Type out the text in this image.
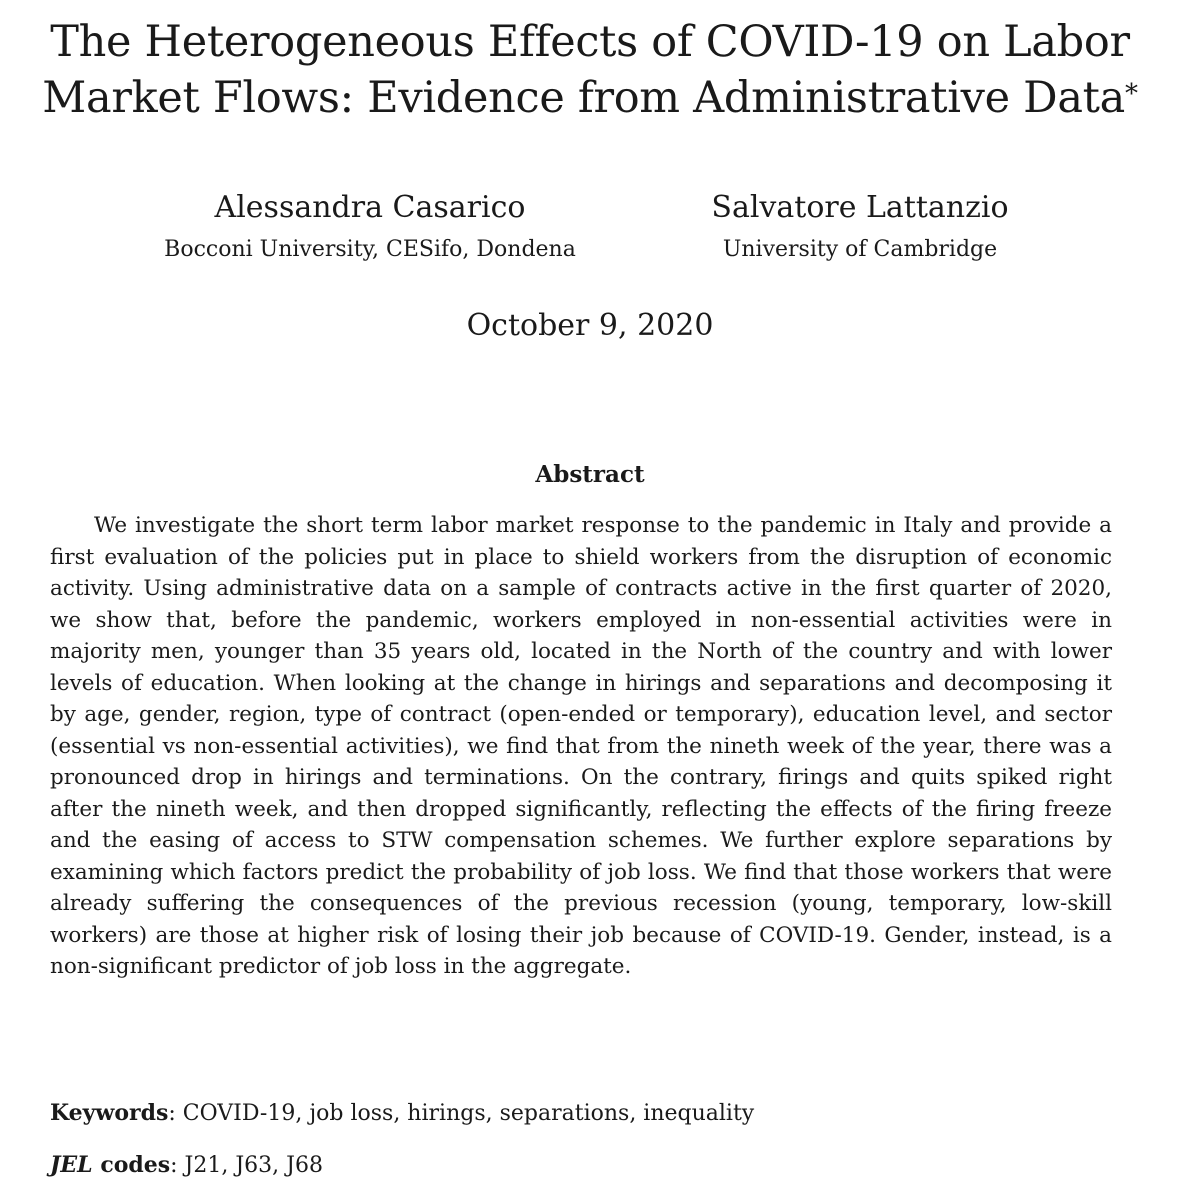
The Heterogeneous Effects of COVID-19 on Labor
Market Flows: Evidence from Administrative Data*
Alessandra Casarico
Bocconi University, CESifo, Dondena
Salvatore Lattanzio
University of Cambridge
October 9, 2020
Abstract

We investigate the short term labor market response to the pandemic in Italy and provide a first evaluation of the policies put in place to shield workers from the disruption of economic activity. Using administrative data on a sample of contracts active in the first quarter of 2020, we show that, before the pandemic, workers employed in non-essential activities were in majority men, younger than 35 years old, located in the North of the country and with lower levels of education. When looking at the change in hirings and separations and decomposing it by age, gender, region, type of contract (open-ended or temporary), education level, and sector (essential vs non-essential activities), we find that from the nineth week of the year, there was a pronounced drop in hirings and terminations. On the contrary, firings and quits spiked right after the nineth week, and then dropped significantly, reflecting the effects of the firing freeze and the easing of access to STW compensation schemes. We further explore separations by examining which factors predict the probability of job loss. We find that those workers that were already suffering the consequences of the previous recession (young, temporary, low-skill workers) are those at higher risk of losing their job because of COVID-19. Gender, instead, is a non-significant predictor of job loss in the aggregate.

Keywords: COVID-19, job loss, hirings, separations, inequality
JEL codes: J21, J63, J68
